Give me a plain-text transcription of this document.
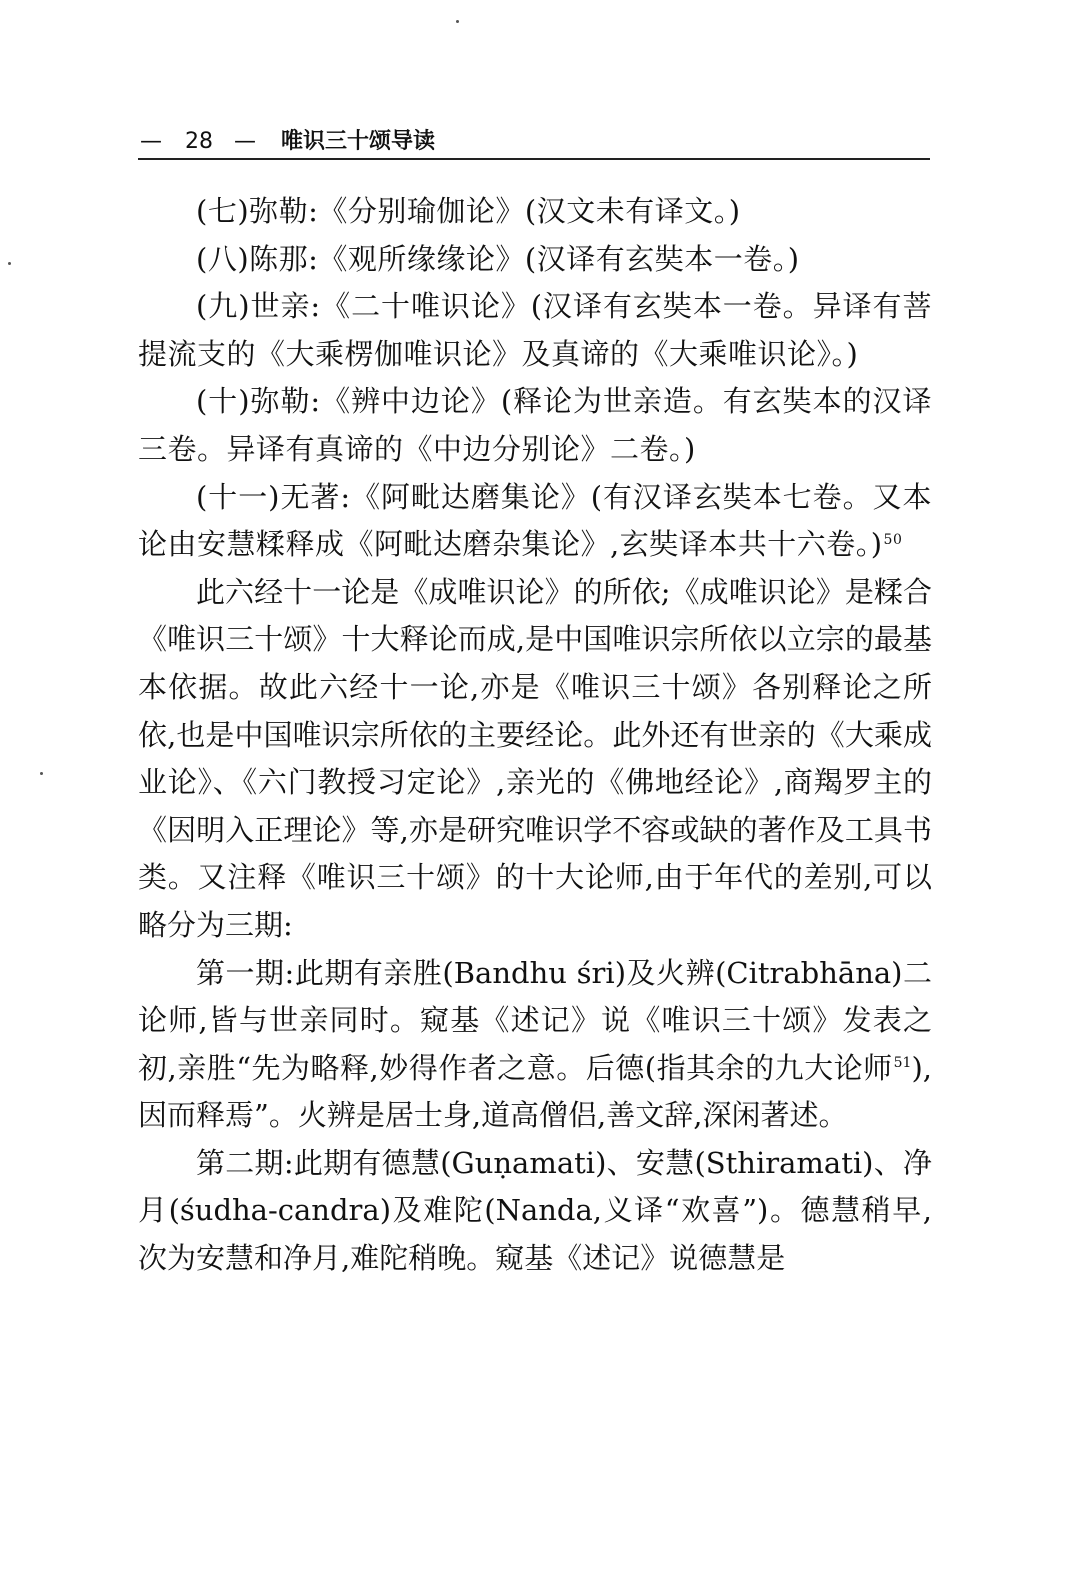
— 28 — 唯识三十颂导读

(七)弥勒:《分别瑜伽论》(汉文未有译文。)

(八)陈那:《观所缘缘论》(汉译有玄奘本一卷。)

(九)世亲:《二十唯识论》(汉译有玄奘本一卷。异译有菩提流支的《大乘楞伽唯识论》及真谛的《大乘唯识论》。)

(十)弥勒:《辨中边论》(释论为世亲造。有玄奘本的汉译三卷。异译有真谛的《中边分别论》二卷。)

(十一)无著:《阿毗达磨集论》(有汉译玄奘本七卷。又本论由安慧糅释成《阿毗达磨杂集论》,玄奘译本共十六卷。)$^{50}$

此六经十一论是《成唯识论》的所依;《成唯识论》是糅合《唯识三十颂》十大释论而成,是中国唯识宗所依以立宗的最基本依据。故此六经十一论,亦是《唯识三十颂》各别释论之所依,也是中国唯识宗所依的主要经论。此外还有世亲的《大乘成业论》、《六门教授习定论》,亲光的《佛地经论》,商羯罗主的《因明入正理论》等,亦是研究唯识学不容或缺的著作及工具书类。又注释《唯识三十颂》的十大论师,由于年代的差别,可以略分为三期:

第一期:此期有亲胜(Bandhu śri)及火辨(Citrabhāna)二论师,皆与世亲同时。窥基《述记》说《唯识三十颂》发表之初,亲胜“先为略释,妙得作者之意。后德(指其余的九大论师$^{51}$),因而释焉”。火辨是居士身,道高僧侣,善文辞,深闲著述。

第二期:此期有德慧(Guṇamati)、安慧(Sthiramati)、净月(śudha-candra)及难陀(Nanda,义译“欢喜”)。德慧稍早,次为安慧和净月,难陀稍晚。窥基《述记》说德慧是
